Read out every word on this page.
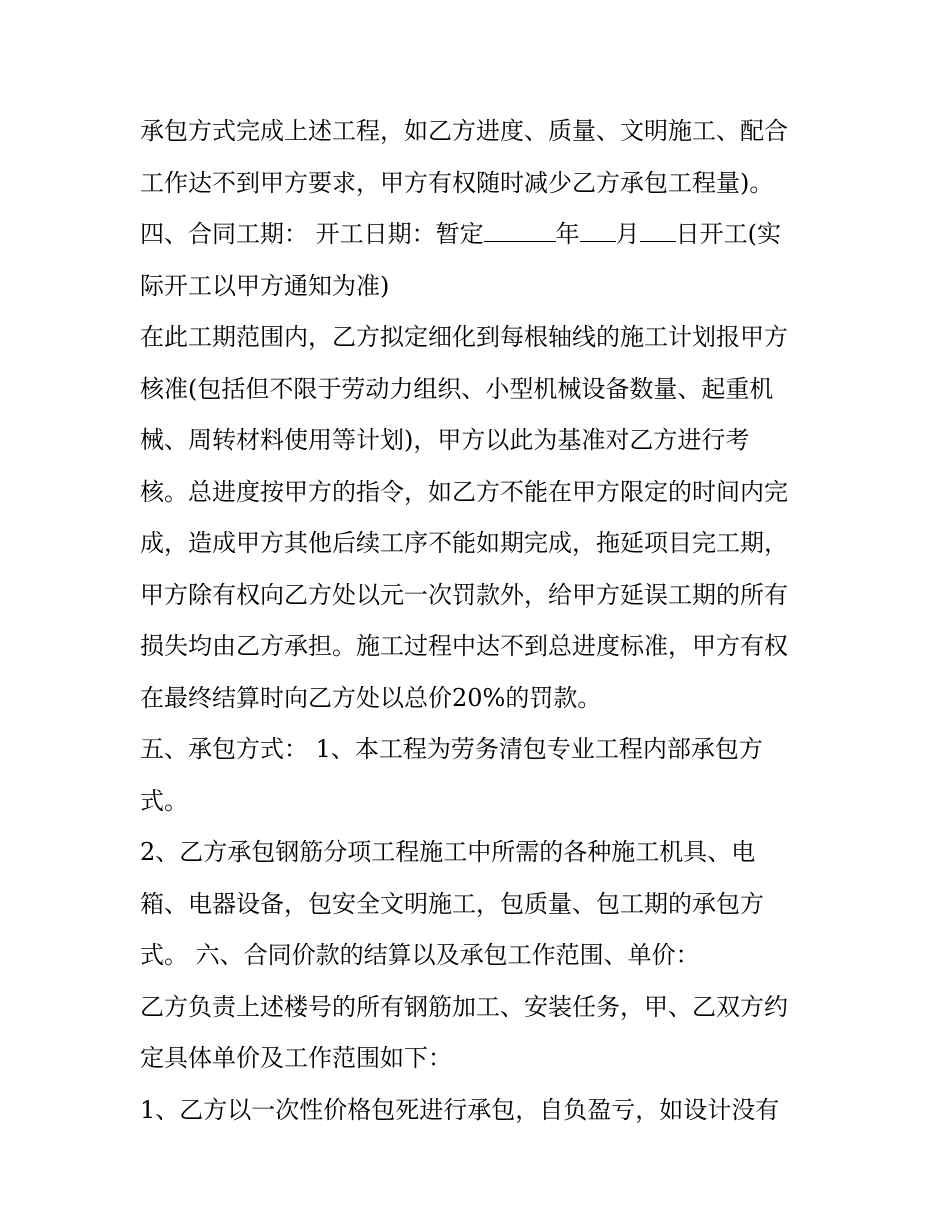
承包方式完成上述工程，如乙方进度、质量、文明施工、配合
工作达不到甲方要求，甲方有权随时减少乙方承包工程量)。
四、合同工期： 开工日期：暂定	年 月 日开工(实
际开工以甲方通知为准)
在此工期范围内，乙方拟定细化到每根轴线的施工计划报甲方
核准(包括但不限于劳动力组织、小型机械设备数量、起重机
械、周转材料使用等计划)，甲方以此为基准对乙方进行考
核。总进度按甲方的指令，如乙方不能在甲方限定的时间内完
成，造成甲方其他后续工序不能如期完成，拖延项目完工期，
甲方除有权向乙方处以元一次罚款外，给甲方延误工期的所有
损失均由乙方承担。施工过程中达不到总进度标准，甲方有权
在最终结算时向乙方处以总价20%的罚款。
五、承包方式： 1、本工程为劳务清包专业工程内部承包方
式。
2、乙方承包钢筋分项工程施工中所需的各种施工机具、电
箱、电器设备，包安全文明施工，包质量、包工期的承包方
式。 六、合同价款的结算以及承包工作范围、单价：
乙方负责上述楼号的所有钢筋加工、安装任务，甲、乙双方约
定具体单价及工作范围如下：
1、乙方以一次性价格包死进行承包，自负盈亏，如设计没有
